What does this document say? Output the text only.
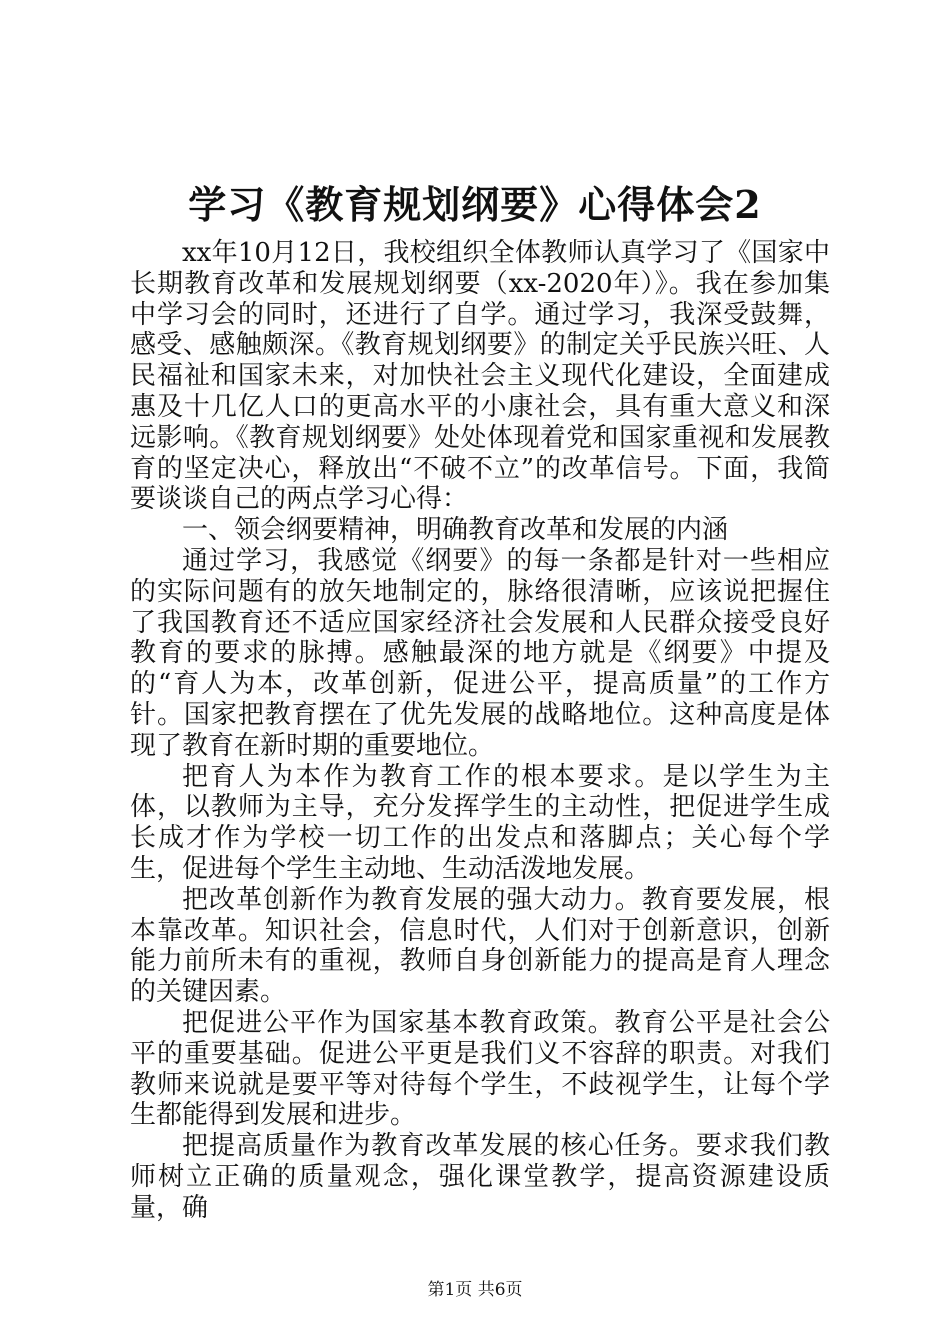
学习《教育规划纲要》心得体会2

xx年10月12日，我校组织全体教师认真学习了《国家中长期教育改革和发展规划纲要（xx-2020年）》。我在参加集中学习会的同时，还进行了自学。通过学习，我深受鼓舞，感受、感触颇深。《教育规划纲要》的制定关乎民族兴旺、人民福祉和国家未来，对加快社会主义现代化建设，全面建成惠及十几亿人口的更高水平的小康社会，具有重大意义和深远影响。《教育规划纲要》处处体现着党和国家重视和发展教育的坚定决心，释放出“不破不立”的改革信号。下面，我简要谈谈自己的两点学习心得：

一、领会纲要精神，明确教育改革和发展的内涵

通过学习，我感觉《纲要》的每一条都是针对一些相应的实际问题有的放矢地制定的，脉络很清晰，应该说把握住了我国教育还不适应国家经济社会发展和人民群众接受良好教育的要求的脉搏。感触最深的地方就是《纲要》中提及的“育人为本，改革创新，促进公平，提高质量”的工作方针。国家把教育摆在了优先发展的战略地位。这种高度是体现了教育在新时期的重要地位。

把育人为本作为教育工作的根本要求。是以学生为主体，以教师为主导，充分发挥学生的主动性，把促进学生成长成才作为学校一切工作的出发点和落脚点；关心每个学生，促进每个学生主动地、生动活泼地发展。

把改革创新作为教育发展的强大动力。教育要发展，根本靠改革。知识社会，信息时代，人们对于创新意识，创新能力前所未有的重视，教师自身创新能力的提高是育人理念的关键因素。

把促进公平作为国家基本教育政策。教育公平是社会公平的重要基础。促进公平更是我们义不容辞的职责。对我们教师来说就是要平等对待每个学生，不歧视学生，让每个学生都能得到发展和进步。

把提高质量作为教育改革发展的核心任务。要求我们教师树立正确的质量观念，强化课堂教学，提高资源建设质量，确

第1页 共6页
